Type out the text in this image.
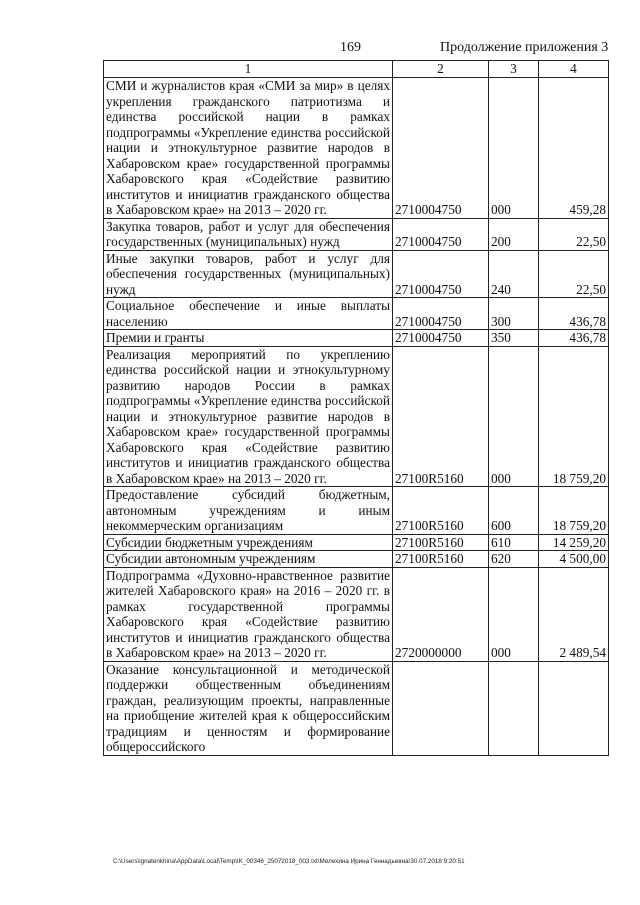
169	Продолжение приложения 3
1	2	3	4
СМИ и журналистов края «СМИ за мир» в целях укрепления гражданского патриотизма и единства российской нации в рамках подпрограммы «Укрепление единства российской нации и этнокультурное развитие народов в Хабаровском крае» государственной программы Хабаровского края «Содействие развитию институтов и инициатив гражданского общества в Хабаровском крае» на 2013 – 2020 гг.	2710004750	000	459,28
Закупка товаров, работ и услуг для обеспечения государственных (муниципальных) нужд	2710004750	200	22,50
Иные закупки товаров, работ и услуг для обеспечения государственных (муниципальных) нужд	2710004750	240	22,50
Социальное обеспечение и иные выплаты населению	2710004750	300	436,78
Премии и гранты	2710004750	350	436,78
Реализация мероприятий по укреплению единства российской нации и этнокультурному развитию народов России в рамках подпрограммы «Укрепление единства российской нации и этнокультурное развитие народов в Хабаровском крае» государственной программы Хабаровского края «Содействие развитию институтов и инициатив гражданского общества в Хабаровском крае» на 2013 – 2020 гг.	27100R5160	000	18 759,20
Предоставление субсидий бюджетным, автономным учреждениям и иным некоммерческим организациям	27100R5160	600	18 759,20
Субсидии бюджетным учреждениям	27100R5160	610	14 259,20
Субсидии автономным учреждениям	27100R5160	620	4 500,00
Подпрограмма «Духовно-нравственное развитие жителей Хабаровского края» на 2016 – 2020 гг. в рамках государственной программы Хабаровского края «Содействие развитию институтов и инициатив гражданского общества в Хабаровском крае» на 2013 – 2020 гг.	2720000000	000	2 489,54
Оказание консультационной и методической поддержки общественным объединениям граждан, реализующим проекты, направленные на приобщение жителей края к общероссийским традициям и ценностям и формирование общероссийского			
C:\Users\ignatenkhina\AppData\Local\Temp\IK_00346_25072018_003.txt\Мелехина Ирина Геннадьевна\30.07.2018 9:20:51
